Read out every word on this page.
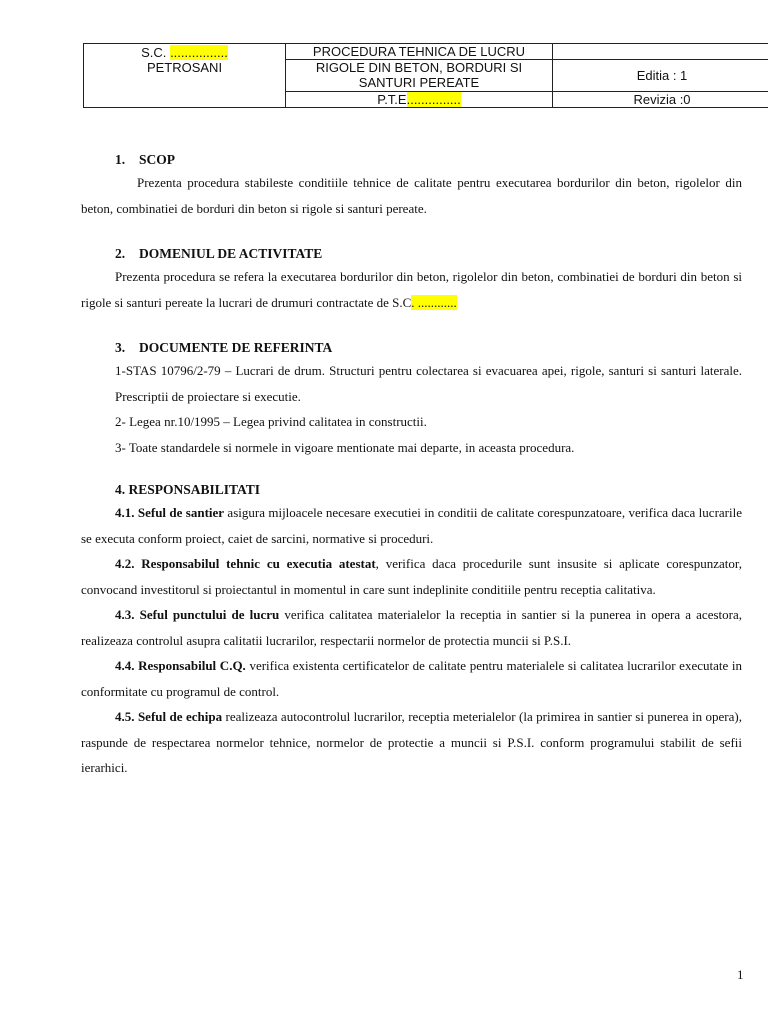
S.C. ................
PETROSANI	PROCEDURA TEHNICA DE LUCRU	
	RIGOLE DIN BETON, BORDURI SI SANTURI PEREATE	Editia : 1
	P.T.E...............	Revizia :0
1. SCOP

Prezenta procedura stabileste conditiile tehnice de calitate pentru executarea bordurilor din beton, rigolelor din beton, combinatiei de borduri din beton si rigole si santuri pereate.

2. DOMENIUL DE ACTIVITATE

Prezenta procedura se refera la executarea bordurilor din beton, rigolelor din beton, combinatiei de borduri din beton si rigole si santuri pereate la lucrari de drumuri contractate de S.C. ............

3. DOCUMENTE DE REFERINTA

1-STAS 10796/2-79 – Lucrari de drum. Structuri pentru colectarea si evacuarea apei, rigole, santuri si santuri laterale. Prescriptii de proiectare si executie.

2- Legea nr.10/1995 – Legea privind calitatea in constructii.

3- Toate standardele si normele in vigoare mentionate mai departe, in aceasta procedura.

4. RESPONSABILITATI

4.1. Seful de santier asigura mijloacele necesare executiei in conditii de calitate corespunzatoare, verifica daca lucrarile se executa conform proiect, caiet de sarcini, normative si proceduri.

4.2. Responsabilul tehnic cu executia atestat, verifica daca procedurile sunt insusite si aplicate corespunzator, convocand investitorul si proiectantul in momentul in care sunt indeplinite conditiile pentru receptia calitativa.

4.3. Seful punctului de lucru verifica calitatea materialelor la receptia in santier si la punerea in opera a acestora, realizeaza controlul asupra calitatii lucrarilor, respectarii normelor de protectia muncii si P.S.I.

4.4. Responsabilul C.Q. verifica existenta certificatelor de calitate pentru materialele si calitatea lucrarilor executate in conformitate cu programul de control.

4.5. Seful de echipa realizeaza autocontrolul lucrarilor, receptia meterialelor (la primirea in santier si punerea in opera), raspunde de respectarea normelor tehnice, normelor de protectie a muncii si P.S.I. conform programului stabilit de sefii ierarhici.

1
